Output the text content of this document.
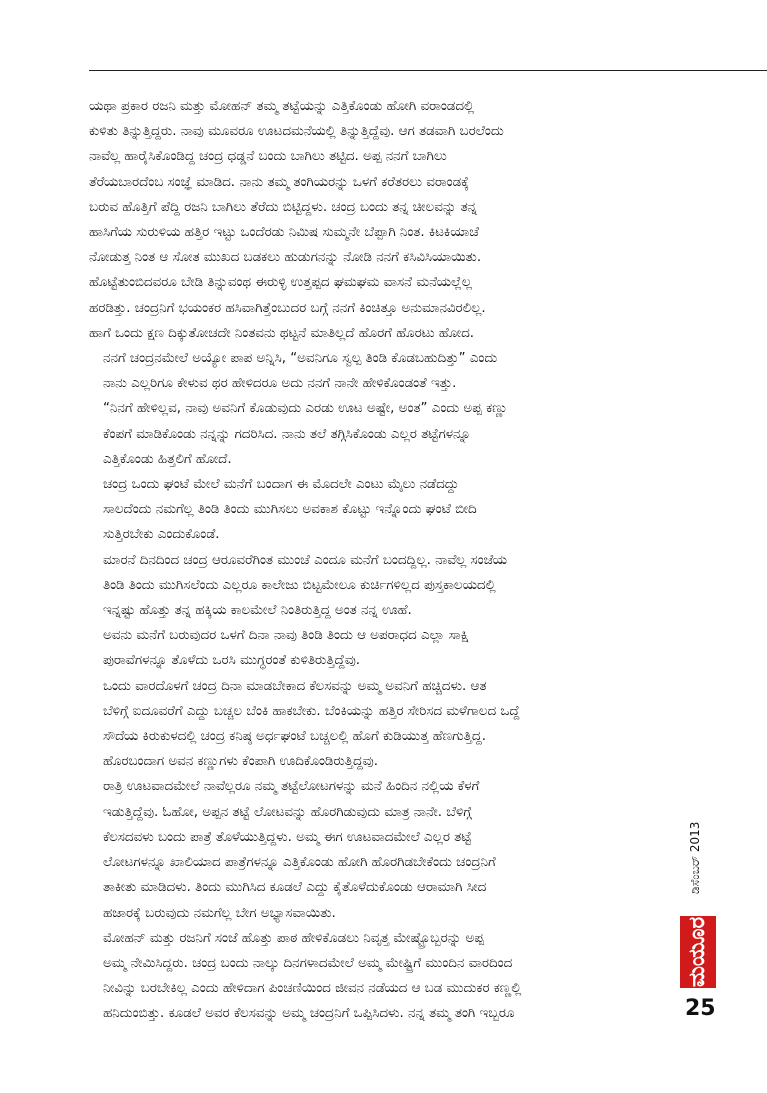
ಯಥಾ ಪ್ರಕಾರ ರಜನಿ ಮತ್ತು ಮೋಹನ್ ತಮ್ಮ ತಟ್ಟೆಯನ್ನು ಎತ್ತಿಕೊಂಡು ಹೋಗಿ ವರಾಂಡದಲ್ಲಿ
ಕುಳಿತು ತಿನ್ನುತ್ತಿದ್ದರು. ನಾವು ಮೂವರೂ ಊಟದಮನೆಯಲ್ಲಿ ತಿನ್ನುತ್ತಿದ್ದೆವು. ಆಗ ತಡವಾಗಿ ಬರಲೆಂದು
ನಾವೆಲ್ಲ ಹಾರೈಸಿಕೊಂಡಿದ್ದ ಚಂದ್ರ ಧಡ್ಡನೆ ಬಂದು ಬಾಗಿಲು ತಟ್ಟಿದ. ಅಪ್ಪ ನನಗೆ ಬಾಗಿಲು
ತೆರೆಯಬಾರದೆಂಬ ಸಂಜ್ಞೆ ಮಾಡಿದ. ನಾನು ತಮ್ಮ ತಂಗಿಯರನ್ನು ಒಳಗೆ ಕರೆತರಲು ವರಾಂಡಕ್ಕೆ
ಬರುವ ಹೊತ್ತಿಗೆ ಪೆದ್ದಿ ರಜನಿ ಬಾಗಿಲು ತೆರೆದು ಬಿಟ್ಟಿದ್ದಳು. ಚಂದ್ರ ಬಂದು ತನ್ನ ಚೀಲವನ್ನು ತನ್ನ
ಹಾಸಿಗೆಯ ಸುರುಳಿಯ ಹತ್ತಿರ ಇಟ್ಟು ಒಂದೆರಡು ನಿಮಿಷ ಸುಮ್ಮನೇ ಬೆಪ್ಪಾಗಿ ನಿಂತ. ಕಿಟಕಿಯಾಚೆ
ನೋಡುತ್ತ ನಿಂತ ಆ ಸೋತ ಮುಖದ ಬಡಕಲು ಹುಡುಗನನ್ನು ನೋಡಿ ನನಗೆ ಕಸಿವಿಸಿಯಾಯಿತು.
ಹೊಟ್ಟೆತುಂಬಿದವರೂ ಬೇಡಿ ತಿನ್ನುವಂಥ ಈರುಳ್ಳಿ ಉತ್ತಪ್ಪದ ಘಮಘಮ ವಾಸನೆ ಮನೆಯಲ್ಲೆಲ್ಲ
ಹರಡಿತ್ತು. ಚಂದ್ರನಿಗೆ ಭಯಂಕರ ಹಸಿವಾಗಿತ್ತೆಂಬುದರ ಬಗ್ಗೆ ನನಗೆ ಕಿಂಚಿತ್ತೂ ಅನುಮಾನವಿರಲಿಲ್ಲ.
ಹಾಗೆ ಒಂದು ಕ್ಷಣ ದಿಕ್ಕುತೋಚದೇ ನಿಂತವನು ಥಟ್ಟನೆ ಮಾತಿಲ್ಲದೆ ಹೊರಗೆ ಹೊರಟು ಹೋದ.

ನನಗೆ ಚಂದ್ರನಮೇಲೆ ಅಯ್ಯೋ ಪಾಪ ಅನ್ನಿಸಿ, “ಅವನಿಗೂ ಸ್ವಲ್ಪ ತಿಂಡಿ ಕೊಡಬಹುದಿತ್ತು” ಎಂದು
ನಾನು ಎಲ್ಲರಿಗೂ ಕೇಳುವ ಥರ ಹೇಳಿದರೂ ಅದು ನನಗೆ ನಾನೇ ಹೇಳಿಕೊಂಡಂತೆ ಇತ್ತು.

“ನಿನಗೆ ಹೇಳಿಲ್ಲವ, ನಾವು ಅವನಿಗೆ ಕೊಡುವುದು ಎರಡು ಊಟ ಅಷ್ಟೇ, ಅಂತ” ಎಂದು ಅಪ್ಪ ಕಣ್ಣು
ಕೆಂಪಗೆ ಮಾಡಿಕೊಂಡು ನನ್ನನ್ನು ಗದರಿಸಿದ. ನಾನು ತಲೆ ತಗ್ಗಿಸಿಕೊಂಡು ಎಲ್ಲರ ತಟ್ಟೆಗಳನ್ನೂ
ಎತ್ತಿಕೊಂಡು ಹಿತ್ತಲಿಗೆ ಹೋದೆ.

ಚಂದ್ರ ಒಂದು ಘಂಟೆ ಮೇಲೆ ಮನೆಗೆ ಬಂದಾಗ ಈ ಮೊದಲೇ ಎಂಟು ಮೈಲು ನಡೆದದ್ದು
ಸಾಲದೆಂದು ನಮಗೆಲ್ಲ ತಿಂಡಿ ತಿಂದು ಮುಗಿಸಲು ಅವಕಾಶ ಕೊಟ್ಟು ಇನ್ನೊಂದು ಘಂಟೆ ಬೀದಿ
ಸುತ್ತಿರಬೇಕು ಎಂದುಕೊಂಡೆ.

ಮಾರನೆ ದಿನದಿಂದ ಚಂದ್ರ ಆರೂವರೆಗಿಂತ ಮುಂಚೆ ಎಂದೂ ಮನೆಗೆ ಬಂದದ್ದಿಲ್ಲ. ನಾವೆಲ್ಲ ಸಂಜೆಯ
ತಿಂಡಿ ತಿಂದು ಮುಗಿಸಲೆಂದು ಎಲ್ಲರೂ ಕಾಲೇಜು ಬಿಟ್ಟಮೇಲೂ ಕುರ್ಚಿಗಳಿಲ್ಲದ ಪುಸ್ತಕಾಲಯದಲ್ಲಿ
ಇನ್ನಷ್ಟು ಹೊತ್ತು ತನ್ನ ಹಕ್ಕಿಯ ಕಾಲಮೇಲೆ ನಿಂತಿರುತ್ತಿದ್ದ ಅಂತ ನನ್ನ ಊಹೆ.

ಅವನು ಮನೆಗೆ ಬರುವುದರ ಒಳಗೆ ದಿನಾ ನಾವು ತಿಂಡಿ ತಿಂದು ಆ ಅಪರಾಧದ ಎಲ್ಲಾ ಸಾಕ್ಷಿ
ಪುರಾವೆಗಳನ್ನೂ ತೊಳೆದು ಒರಸಿ ಮುಗ್ಧರಂತೆ ಕುಳಿತಿರುತ್ತಿದ್ದೆವು.

ಒಂದು ವಾರದೊಳಗೆ ಚಂದ್ರ ದಿನಾ ಮಾಡಬೇಕಾದ ಕೆಲಸವನ್ನು ಅಮ್ಮ ಅವನಿಗೆ ಹಚ್ಚಿದಳು. ಆತ
ಬೆಳಿಗ್ಗೆ ಐದೂವರೆಗೆ ಎದ್ದು ಬಚ್ಚಲ ಬೆಂಕಿ ಹಾಕಬೇಕು. ಬೆಂಕಿಯನ್ನು ಹತ್ತಿರ ಸೇರಿಸದ ಮಳೆಗಾಲದ ಒದ್ದೆ
ಸೌದೆಯ ಕಿರುಕುಳದಲ್ಲಿ ಚಂದ್ರ ಕನಿಷ್ಠ ಅರ್ಧಘಂಟೆ ಬಚ್ಚಲಲ್ಲಿ ಹೊಗೆ ಕುಡಿಯುತ್ತ ಹೆಣಗುತ್ತಿದ್ದ.
ಹೊರಬಂದಾಗ ಅವನ ಕಣ್ಣುಗಳು ಕೆಂಪಾಗಿ ಊದಿಕೊಂಡಿರುತ್ತಿದ್ದವು.

ರಾತ್ರಿ ಊಟವಾದಮೇಲೆ ನಾವೆಲ್ಲರೂ ನಮ್ಮ ತಟ್ಟೆಲೋಟಗಳನ್ನು ಮನೆ ಹಿಂದಿನ ನಲ್ಲಿಯ ಕೆಳಗೆ
ಇಡುತ್ತಿದ್ದೆವು. ಓಹೋ, ಅಪ್ಪನ ತಟ್ಟೆ ಲೋಟವನ್ನು ಹೊರಗಿಡುವುದು ಮಾತ್ರ ನಾನೇ. ಬೆಳಿಗ್ಗೆ
ಕೆಲಸದವಳು ಬಂದು ಪಾತ್ರೆ ತೊಳೆಯುತ್ತಿದ್ದಳು. ಅಮ್ಮ ಈಗ ಊಟವಾದಮೇಲೆ ಎಲ್ಲರ ತಟ್ಟೆ
ಲೋಟಗಳನ್ನೂ ಖಾಲಿಯಾದ ಪಾತ್ರೆಗಳನ್ನೂ ಎತ್ತಿಕೊಂಡು ಹೋಗಿ ಹೊರಗಿಡಬೇಕೆಂದು ಚಂದ್ರನಿಗೆ
ತಾಕೀತು ಮಾಡಿದಳು. ತಿಂದು ಮುಗಿಸಿದ ಕೂಡಲೆ ಎದ್ದು ಕೈತೊಳೆದುಕೊಂಡು ಆರಾಮಾಗಿ ಸೀದ
ಹಜಾರಕ್ಕೆ ಬರುವುದು ನಮಗೆಲ್ಲ ಬೇಗ ಅಭ್ಯಾಸವಾಯಿತು.

ಮೋಹನ್ ಮತ್ತು ರಜನಿಗೆ ಸಂಜೆ ಹೊತ್ತು ಪಾಠ ಹೇಳಿಕೊಡಲು ನಿವೃತ್ತ ಮೇಷ್ಟ್ರೊಬ್ಬರನ್ನು ಅಪ್ಪ
ಅಮ್ಮ ನೇಮಿಸಿದ್ದರು. ಚಂದ್ರ ಬಂದು ನಾಲ್ಕು ದಿನಗಳಾದಮೇಲೆ ಅಮ್ಮ ಮೇಷ್ಟ್ರಿಗೆ ಮುಂದಿನ ವಾರದಿಂದ
ನೀವಿನ್ನು ಬರಬೇಕಿಲ್ಲ ಎಂದು ಹೇಳಿದಾಗ ಪಿಂಚಣಿಯಿಂದ ಜೀವನ ನಡೆಯದ ಆ ಬಡ ಮುದುಕರ ಕಣ್ಣಲ್ಲಿ
ಹನಿದುಂಬಿತ್ತು. ಕೂಡಲೆ ಅವರ ಕೆಲಸವನ್ನು ಅಮ್ಮ ಚಂದ್ರನಿಗೆ ಒಪ್ಪಿಸಿದಳು. ನನ್ನ ತಮ್ಮ ತಂಗಿ ಇಬ್ಬರೂ

ಡಿಸೆಂಬರ್ 2013
ಮಯೂರ
25
